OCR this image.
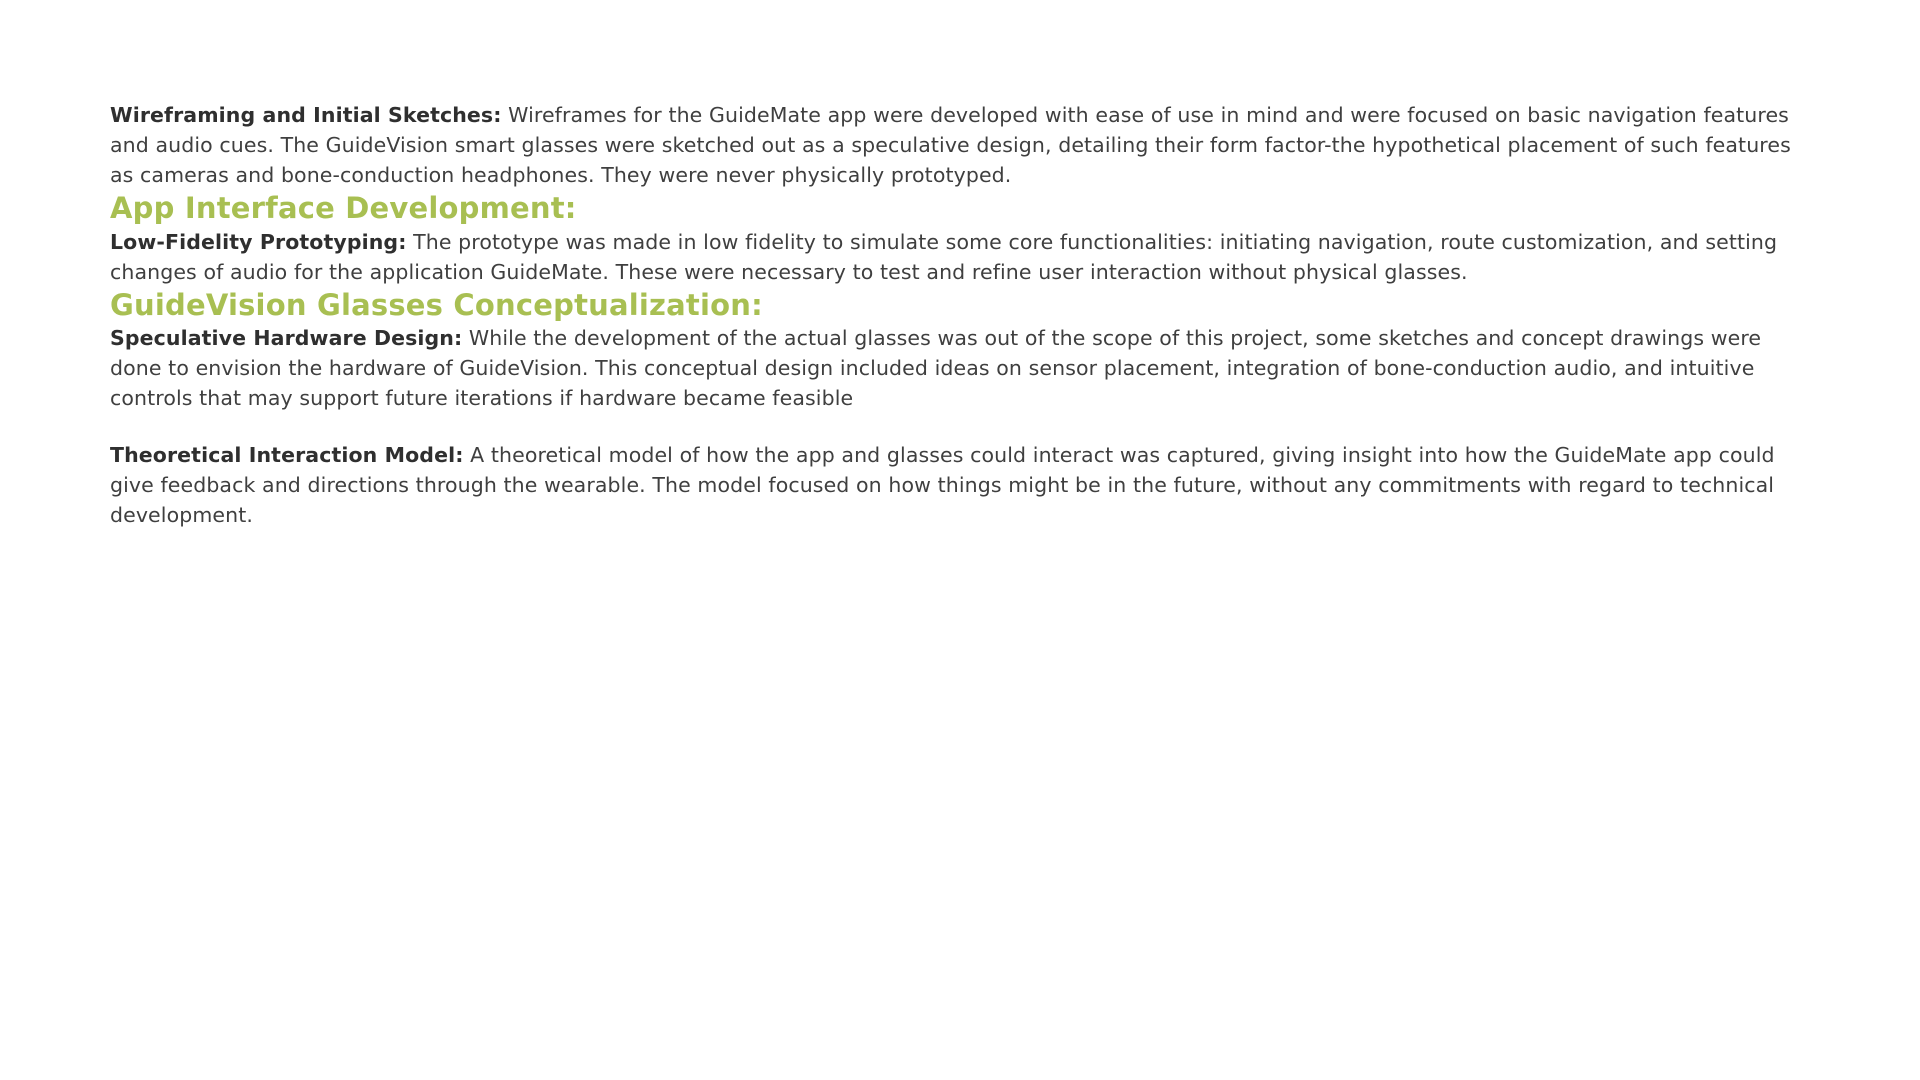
Wireframing and Initial Sketches: Wireframes for the GuideMate app were developed with ease of use in mind and were focused on basic navigation features and audio cues. The GuideVision smart glasses were sketched out as a speculative design, detailing their form factor-the hypothetical placement of such features as cameras and bone-conduction headphones. They were never physically prototyped.

App Interface Development:

Low-Fidelity Prototyping: The prototype was made in low fidelity to simulate some core functionalities: initiating navigation, route customization, and setting changes of audio for the application GuideMate. These were necessary to test and refine user interaction without physical glasses.

GuideVision Glasses Conceptualization:

Speculative Hardware Design: While the development of the actual glasses was out of the scope of this project, some sketches and concept drawings were done to envision the hardware of GuideVision. This conceptual design included ideas on sensor placement, integration of bone-conduction audio, and intuitive controls that may support future iterations if hardware became feasible

Theoretical Interaction Model: A theoretical model of how the app and glasses could interact was captured, giving insight into how the GuideMate app could give feedback and directions through the wearable. The model focused on how things might be in the future, without any commitments with regard to technical development.
